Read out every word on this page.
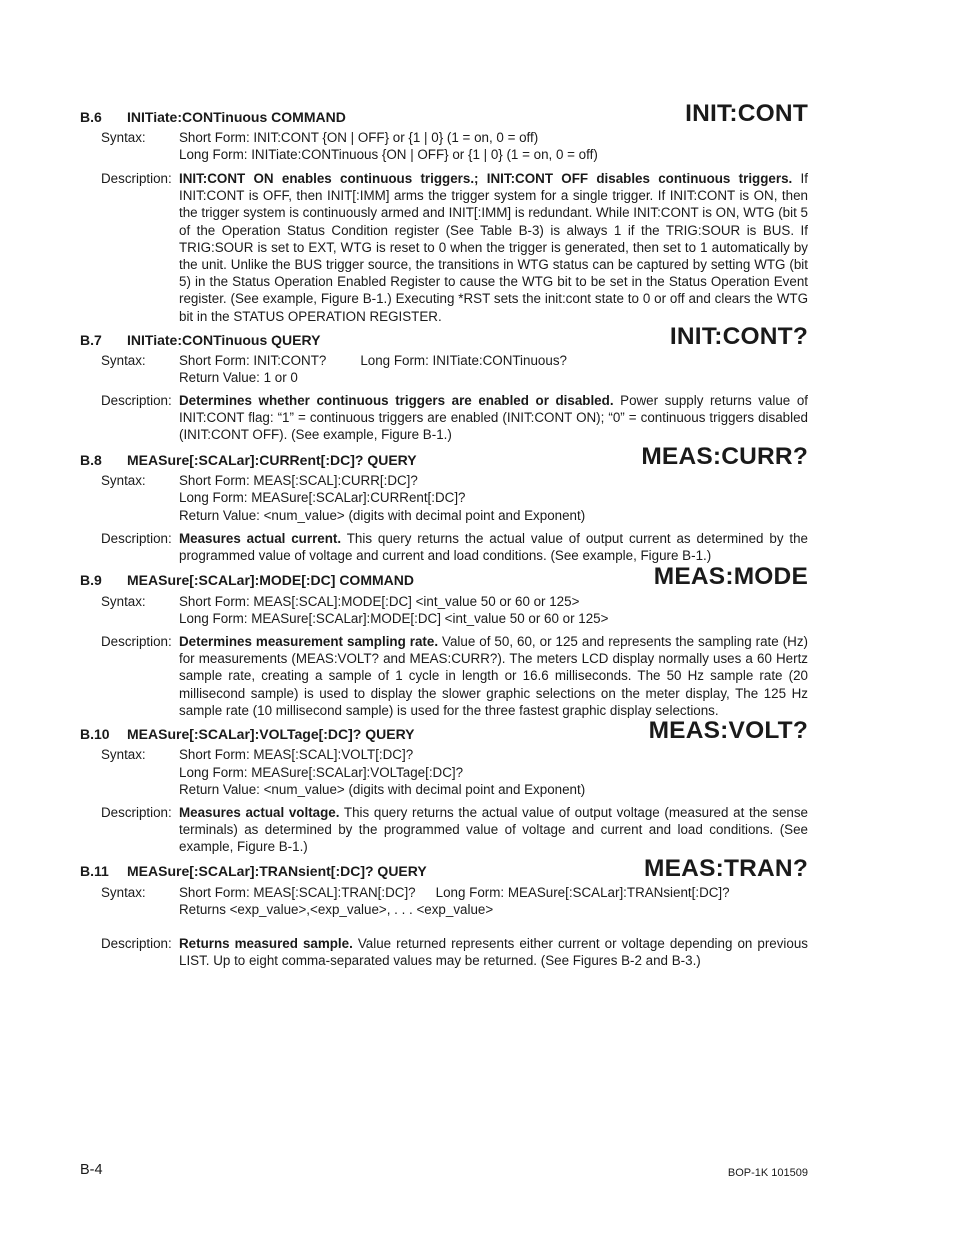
INIT:CONT
B.6 INITiate:CONTinuous COMMAND
Syntax: Short Form: INIT:CONT {ON | OFF} or {1 | 0} (1 = on, 0 = off)
Long Form: INITiate:CONTinuous {ON | OFF} or {1 | 0} (1 = on, 0 = off)
Description: INIT:CONT ON enables continuous triggers.; INIT:CONT OFF disables continuous triggers. If INIT:CONT is OFF, then INIT[:IMM] arms the trigger system for a single trigger. If INIT:CONT is ON, then the trigger system is continuously armed and INIT[:IMM] is redundant. While INIT:CONT is ON, WTG (bit 5 of the Operation Status Condition register (See Table B-3) is always 1 if the TRIG:SOUR is BUS. If TRIG:SOUR is set to EXT, WTG is reset to 0 when the trigger is generated, then set to 1 automatically by the unit. Unlike the BUS trigger source, the transitions in WTG status can be captured by setting WTG (bit 5) in the Status Operation Enabled Register to cause the WTG bit to be set in the Status Operation Event register. (See example, Figure B-1.) Executing *RST sets the init:cont state to 0 or off and clears the WTG bit in the STATUS OPERATION REGISTER.
INIT:CONT?
B.7 INITiate:CONTinuous QUERY
Syntax: Short Form: INIT:CONT?	Long Form: INITiate:CONTinuous?
Return Value: 1 or 0
Description: Determines whether continuous triggers are enabled or disabled. Power supply returns value of INIT:CONT flag: “1” = continuous triggers are enabled (INIT:CONT ON); “0” = continuous triggers disabled (INIT:CONT OFF). (See example, Figure B-1.)
MEAS:CURR?
B.8 MEASure[:SCALar]:CURRent[:DC]? QUERY
Syntax: Short Form: MEAS[:SCAL]:CURR[:DC]?
Long Form: MEASure[:SCALar]:CURRent[:DC]?
Return Value: <num_value> (digits with decimal point and Exponent)
Description: Measures actual current. This query returns the actual value of output current as determined by the programmed value of voltage and current and load conditions. (See example, Figure B-1.)
MEAS:MODE
B.9 MEASure[:SCALar]:MODE[:DC] COMMAND
Syntax: Short Form: MEAS[:SCAL]:MODE[:DC] <int_value 50 or 60 or 125>
Long Form: MEASure[:SCALar]:MODE[:DC] <int_value 50 or 60 or 125>
Description: Determines measurement sampling rate. Value of 50, 60, or 125 and represents the sampling rate (Hz) for measurements (MEAS:VOLT? and MEAS:CURR?). The meters LCD display normally uses a 60 Hertz sample rate, creating a sample of 1 cycle in length or 16.6 milliseconds. The 50 Hz sample rate (20 millisecond sample) is used to display the slower graphic selections on the meter display, The 125 Hz sample rate (10 millisecond sample) is used for the three fastest graphic display selections.
MEAS:VOLT?
B.10 MEASure[:SCALar]:VOLTage[:DC]? QUERY
Syntax: Short Form: MEAS[:SCAL]:VOLT[:DC]?
Long Form: MEASure[:SCALar]:VOLTage[:DC]?
Return Value: <num_value> (digits with decimal point and Exponent)
Description: Measures actual voltage. This query returns the actual value of output voltage (measured at the sense terminals) as determined by the programmed value of voltage and current and load conditions. (See example, Figure B-1.)
MEAS:TRAN?
B.11 MEASure[:SCALar]:TRANsient[:DC]? QUERY
Syntax: Short Form: MEAS[:SCAL]:TRAN[:DC]? Long Form: MEASure[:SCALar]:TRANsient[:DC]?
Returns <exp_value>,<exp_value>, . . . <exp_value>
Description: Returns measured sample. Value returned represents either current or voltage depending on previous LIST. Up to eight comma-separated values may be returned. (See Figures B-2 and B-3.)
B-4	BOP-1K 101509
